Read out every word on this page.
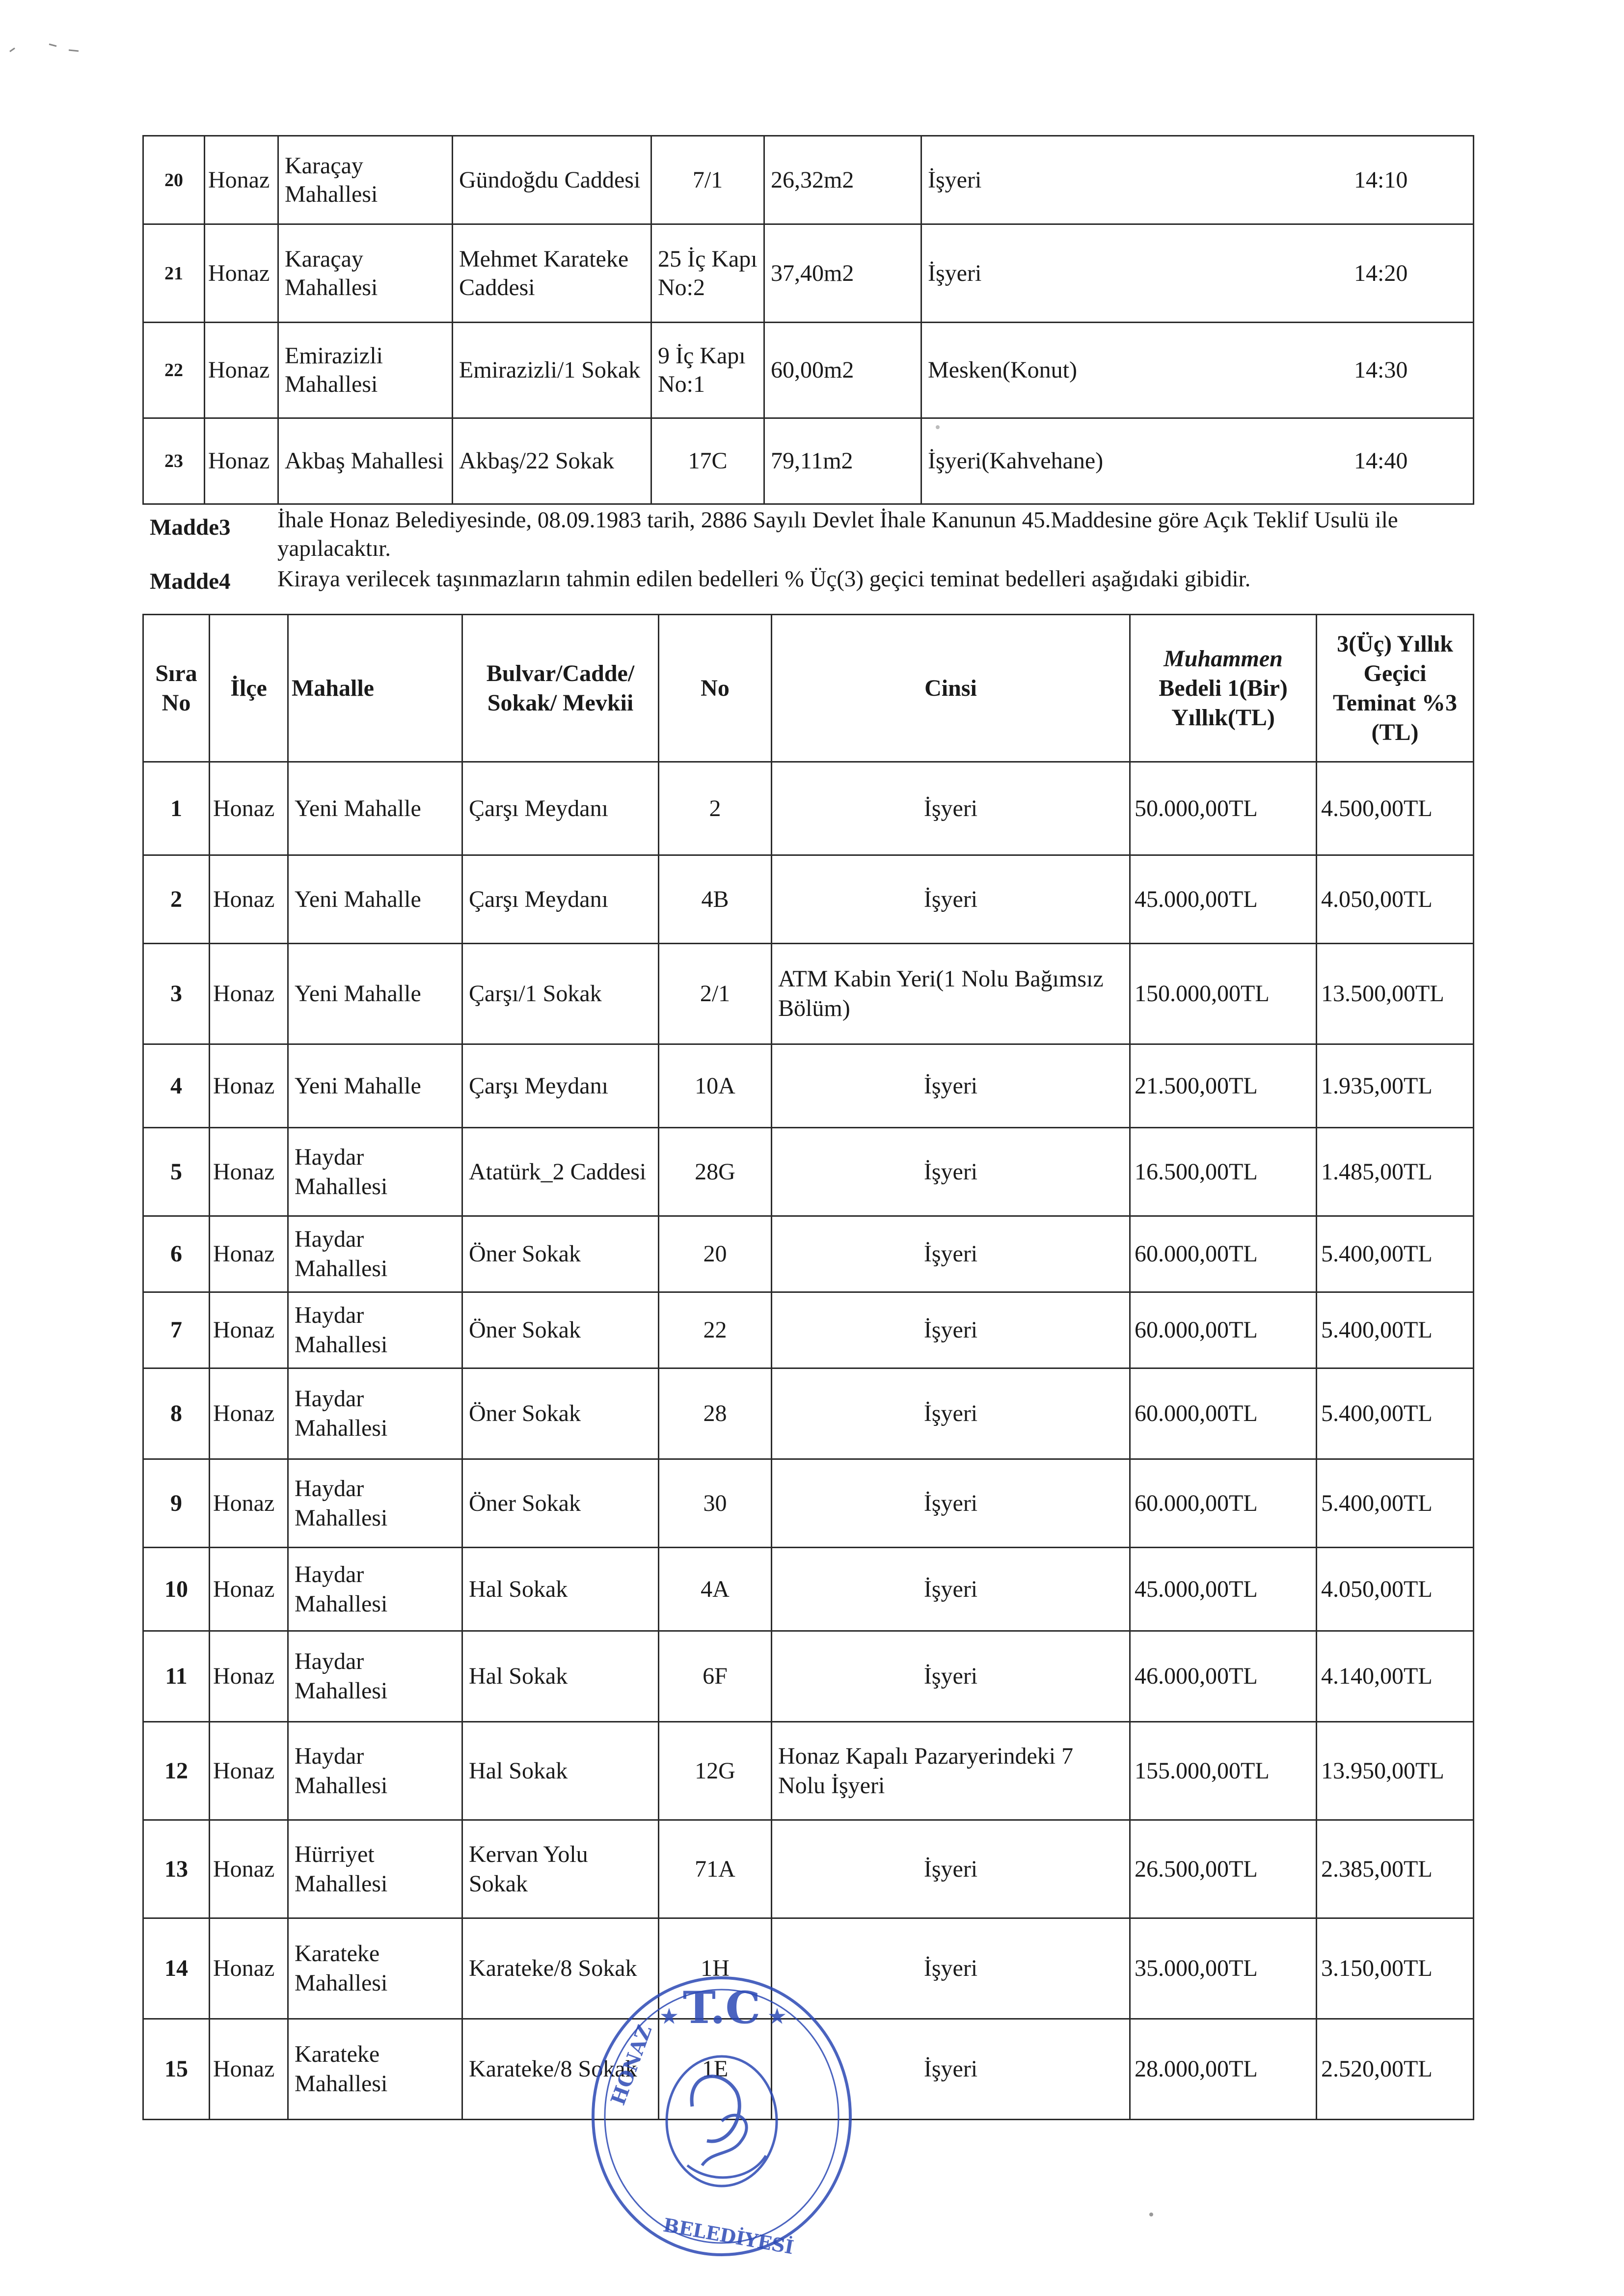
20	Honaz	Karaçay Mahallesi	Gündoğdu Caddesi	7/1	26,32m2	İşyeri 14:10

21	Honaz	Karaçay Mahallesi	Mehmet Karateke Caddesi	25 İç Kapı No:2	37,40m2	İşyeri 14:20

22	Honaz	Emirazizli Mahallesi	Emirazizli/1 Sokak	9 İç Kapı No:1	60,00m2	Mesken(Konut) 14:30

23	Honaz	Akbaş Mahallesi	Akbaş/22 Sokak	17C	79,11m2	İşyeri(Kahvehane) 14:40
Madde3 İhale Honaz Belediyesinde, 08.09.1983 tarih, 2886 Sayılı Devlet İhale Kanunun 45.Maddesine göre Açık Teklif Usulü ile yapılacaktır.
Madde4 Kiraya verilecek taşınmazların tahmin edilen bedelleri % Üç(3) geçici teminat bedelleri aşağıdaki gibidir.
Sıra No	İlçe	Mahalle	Bulvar/Cadde/ Sokak/ Mevkii	No	Cinsi	Muhammen
Bedeli 1(Bir) Yıllık(TL)	3(Üç) Yıllık Geçici Teminat %3 (TL)
1	Honaz	Yeni Mahalle	Çarşı Meydanı	2	İşyeri	50.000,00TL	4.500,00TL
2	Honaz	Yeni Mahalle	Çarşı Meydanı	4B	İşyeri	45.000,00TL	4.050,00TL
3	Honaz	Yeni Mahalle	Çarşı/1 Sokak	2/1	ATM Kabin Yeri(1 Nolu Bağımsız Bölüm)	150.000,00TL	13.500,00TL
4	Honaz	Yeni Mahalle	Çarşı Meydanı	10A	İşyeri	21.500,00TL	1.935,00TL
5	Honaz	Haydar Mahallesi	Atatürk_2 Caddesi	28G	İşyeri	16.500,00TL	1.485,00TL
6	Honaz	Haydar Mahallesi	Öner Sokak	20	İşyeri	60.000,00TL	5.400,00TL
7	Honaz	Haydar Mahallesi	Öner Sokak	22	İşyeri	60.000,00TL	5.400,00TL
8	Honaz	Haydar Mahallesi	Öner Sokak	28	İşyeri	60.000,00TL	5.400,00TL
9	Honaz	Haydar Mahallesi	Öner Sokak	30	İşyeri	60.000,00TL	5.400,00TL
10	Honaz	Haydar Mahallesi	Hal Sokak	4A	İşyeri	45.000,00TL	4.050,00TL
11	Honaz	Haydar Mahallesi	Hal Sokak	6F	İşyeri	46.000,00TL	4.140,00TL
12	Honaz	Haydar Mahallesi	Hal Sokak	12G	Honaz Kapalı Pazaryerindeki 7 Nolu İşyeri	155.000,00TL	13.950,00TL
13	Honaz	Hürriyet Mahallesi	Kervan Yolu Sokak	71A	İşyeri	26.500,00TL	2.385,00TL
14	Honaz	Karateke Mahallesi	Karateke/8 Sokak	1H	İşyeri	35.000,00TL	3.150,00TL
15	Honaz	Karateke Mahallesi	Karateke/8 Sokak	1E	İşyeri	28.000,00TL	2.520,00TL
T.C
HONAZ
BELEDİYESİ
★	★
